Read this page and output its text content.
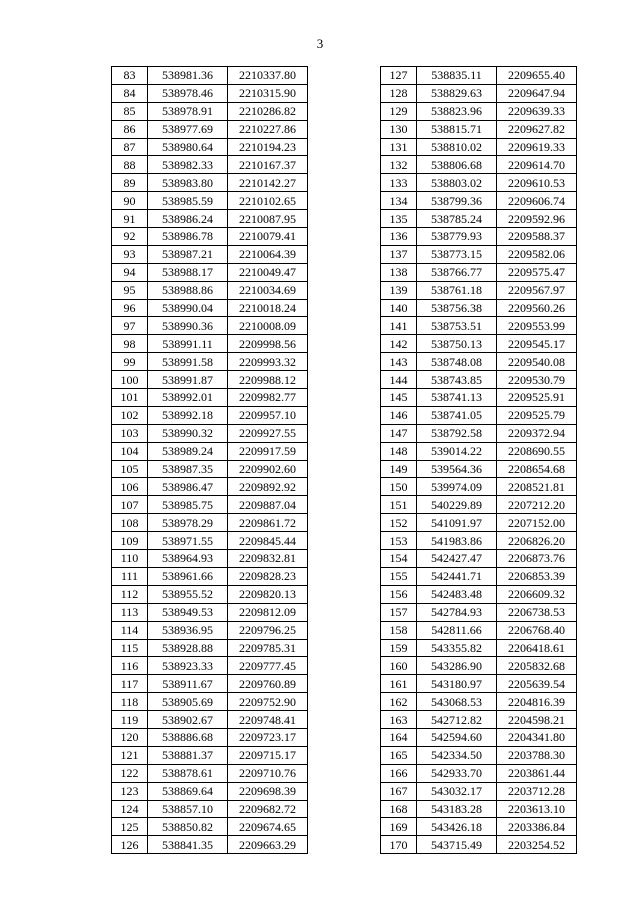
3
83	538981.36	2210337.80
84	538978.46	2210315.90
85	538978.91	2210286.82
86	538977.69	2210227.86
87	538980.64	2210194.23
88	538982.33	2210167.37
89	538983.80	2210142.27
90	538985.59	2210102.65
91	538986.24	2210087.95
92	538986.78	2210079.41
93	538987.21	2210064.39
94	538988.17	2210049.47
95	538988.86	2210034.69
96	538990.04	2210018.24
97	538990.36	2210008.09
98	538991.11	2209998.56
99	538991.58	2209993.32
100	538991.87	2209988.12
101	538992.01	2209982.77
102	538992.18	2209957.10
103	538990.32	2209927.55
104	538989.24	2209917.59
105	538987.35	2209902.60
106	538986.47	2209892.92
107	538985.75	2209887.04
108	538978.29	2209861.72
109	538971.55	2209845.44
110	538964.93	2209832.81
111	538961.66	2209828.23
112	538955.52	2209820.13
113	538949.53	2209812.09
114	538936.95	2209796.25
115	538928.88	2209785.31
116	538923.33	2209777.45
117	538911.67	2209760.89
118	538905.69	2209752.90
119	538902.67	2209748.41
120	538886.68	2209723.17
121	538881.37	2209715.17
122	538878.61	2209710.76
123	538869.64	2209698.39
124	538857.10	2209682.72
125	538850.82	2209674.65
126	538841.35	2209663.29
127	538835.11	2209655.40
128	538829.63	2209647.94
129	538823.96	2209639.33
130	538815.71	2209627.82
131	538810.02	2209619.33
132	538806.68	2209614.70
133	538803.02	2209610.53
134	538799.36	2209606.74
135	538785.24	2209592.96
136	538779.93	2209588.37
137	538773.15	2209582.06
138	538766.77	2209575.47
139	538761.18	2209567.97
140	538756.38	2209560.26
141	538753.51	2209553.99
142	538750.13	2209545.17
143	538748.08	2209540.08
144	538743.85	2209530.79
145	538741.13	2209525.91
146	538741.05	2209525.79
147	538792.58	2209372.94
148	539014.22	2208690.55
149	539564.36	2208654.68
150	539974.09	2208521.81
151	540229.89	2207212.20
152	541091.97	2207152.00
153	541983.86	2206826.20
154	542427.47	2206873.76
155	542441.71	2206853.39
156	542483.48	2206609.32
157	542784.93	2206738.53
158	542811.66	2206768.40
159	543355.82	2206418.61
160	543286.90	2205832.68
161	543180.97	2205639.54
162	543068.53	2204816.39
163	542712.82	2204598.21
164	542594.60	2204341.80
165	542334.50	2203788.30
166	542933.70	2203861.44
167	543032.17	2203712.28
168	543183.28	2203613.10
169	543426.18	2203386.84
170	543715.49	2203254.52
